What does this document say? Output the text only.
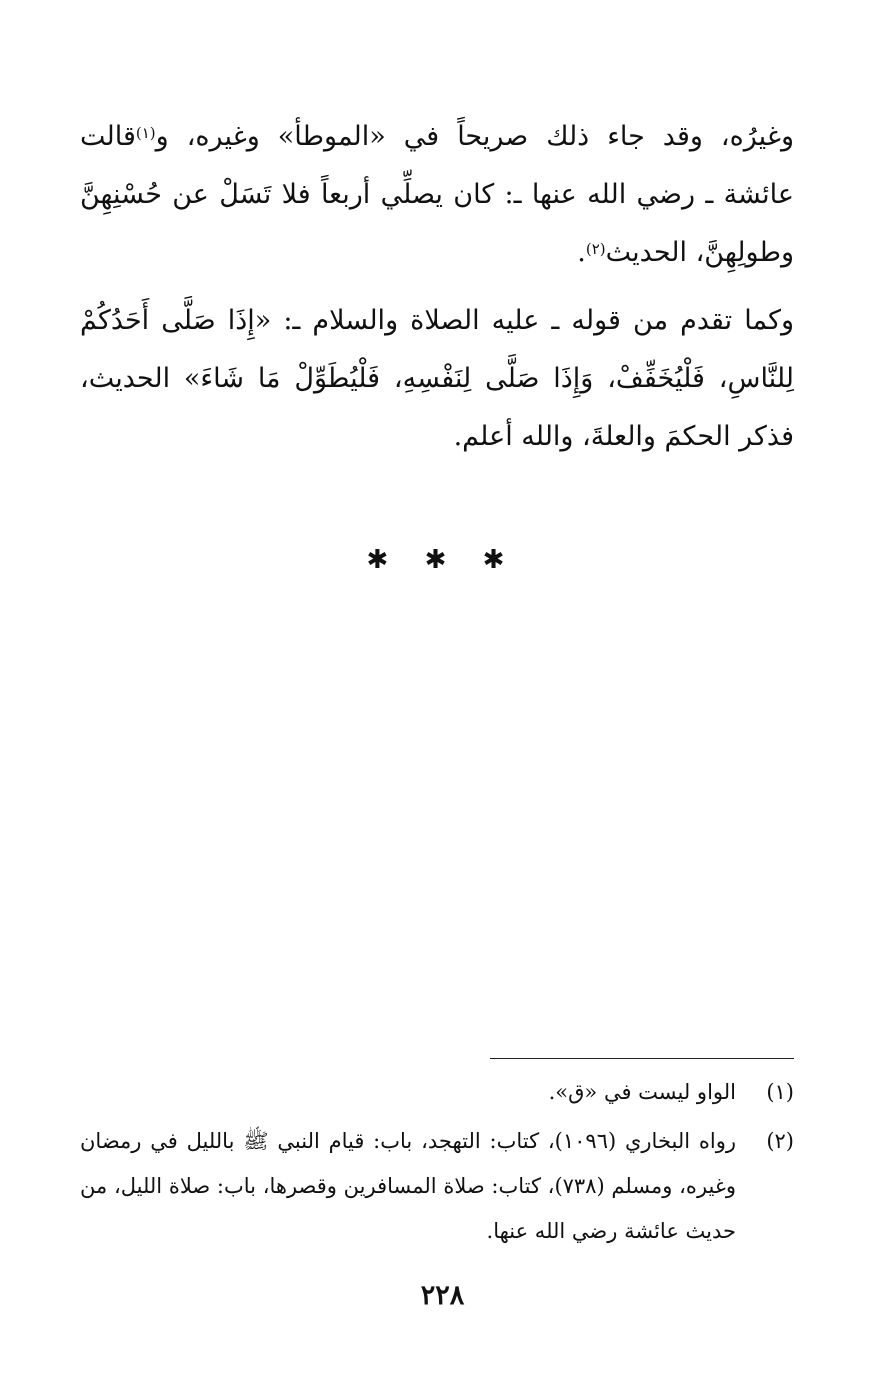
وغيرُه، وقد جاء ذلك صريحاً في «الموطأ» وغيره، و$^{(١)}$قالت عائشة ـ رضي الله عنها ـ: كان يصلِّي أربعاً فلا تَسَلْ عن حُسْنِهِنَّ وطولِهِنَّ، الحديث$^{(٢)}$.

وكما تقدم من قوله ـ عليه الصلاة والسلام ـ: «إِذَا صَلَّى أَحَدُكُمْ لِلنَّاسِ، فَلْيُخَفِّفْ، وَإِذَا صَلَّى لِنَفْسِهِ، فَلْيُطَوِّلْ مَا شَاءَ» الحديث، فذكر الحكمَ والعلةَ، والله أعلم.

✱ ✱ ✱
(١)
الواو ليست في «ق».
(٢)
رواه البخاري (١٠٩٦)، كتاب: التهجد، باب: قيام النبي ﷺ بالليل في رمضان وغيره، ومسلم (٧٣٨)، كتاب: صلاة المسافرين وقصرها، باب: صلاة الليل، من حديث عائشة رضي الله عنها.
٢٢٨
